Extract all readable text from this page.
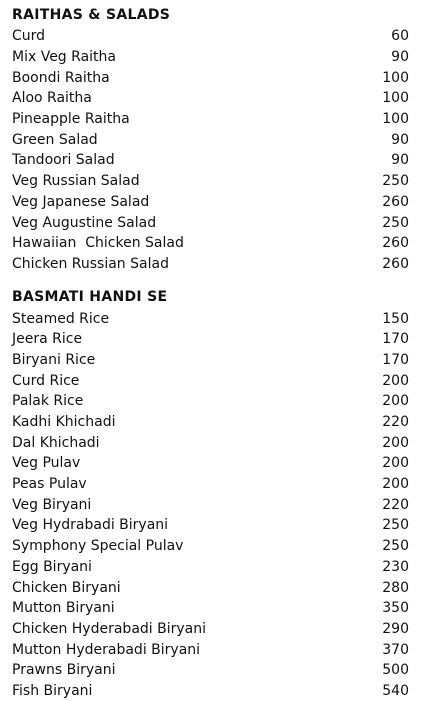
RAITHAS & SALADS
Curd	60
Mix Veg Raitha	90
Boondi Raitha	100
Aloo Raitha	100
Pineapple Raitha	100
Green Salad	90
Tandoori Salad	90
Veg Russian Salad	250
Veg Japanese Salad	260
Veg Augustine Salad	250
Hawaiian  Chicken Salad	260
Chicken Russian Salad	260
BASMATI HANDI SE
Steamed Rice	150
Jeera Rice	170
Biryani Rice	170
Curd Rice	200
Palak Rice	200
Kadhi Khichadi	220
Dal Khichadi	200
Veg Pulav	200
Peas Pulav	200
Veg Biryani	220
Veg Hydrabadi Biryani	250
Symphony Special Pulav	250
Egg Biryani	230
Chicken Biryani	280
Mutton Biryani	350
Chicken Hyderabadi Biryani	290
Mutton Hyderabadi Biryani	370
Prawns Biryani	500
Fish Biryani	540
